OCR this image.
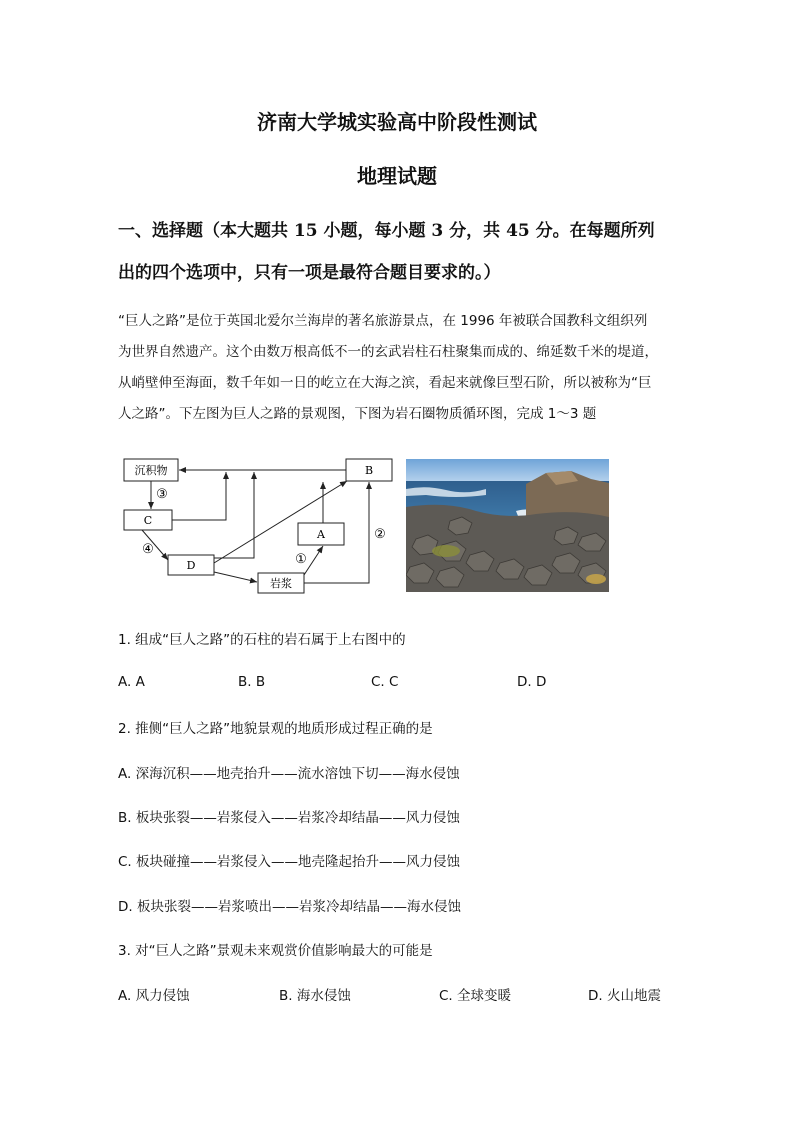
济南大学城实验高中阶段性测试
地理试题
一、选择题（本大题共 15 小题，每小题 3 分，共 45 分。在每题所列
出的四个选项中，只有一项是最符合题目要求的。）
“巨人之路”是位于英国北爱尔兰海岸的著名旅游景点，在 1996 年被联合国教科文组织列
为世界自然遗产。这个由数万根高低不一的玄武岩柱石柱聚集而成的、绵延数千米的堤道，
从峭壁伸至海面，数千年如一日的屹立在大海之滨，看起来就像巨型石阶，所以被称为“巨
人之路”。下左图为巨人之路的景观图，下图为岩石圈物质循环图，完成 1～3 题
沉积物	B
C
A
D
岩浆
③
④
①
②
1. 组成“巨人之路”的石柱的岩石属于上右图中的
A. A	B. B	C. C	D. D
2. 推侧“巨人之路”地貌景观的地质形成过程正确的是
A. 深海沉积——地壳抬升——流水溶蚀下切——海水侵蚀
B. 板块张裂——岩浆侵入——岩浆冷却结晶——风力侵蚀
C. 板块碰撞——岩浆侵入——地壳隆起抬升——风力侵蚀
D. 板块张裂——岩浆喷出——岩浆冷却结晶——海水侵蚀
3. 对“巨人之路”景观未来观赏价值影响最大的可能是
A. 风力侵蚀	B. 海水侵蚀	C. 全球变暖	D. 火山地震
